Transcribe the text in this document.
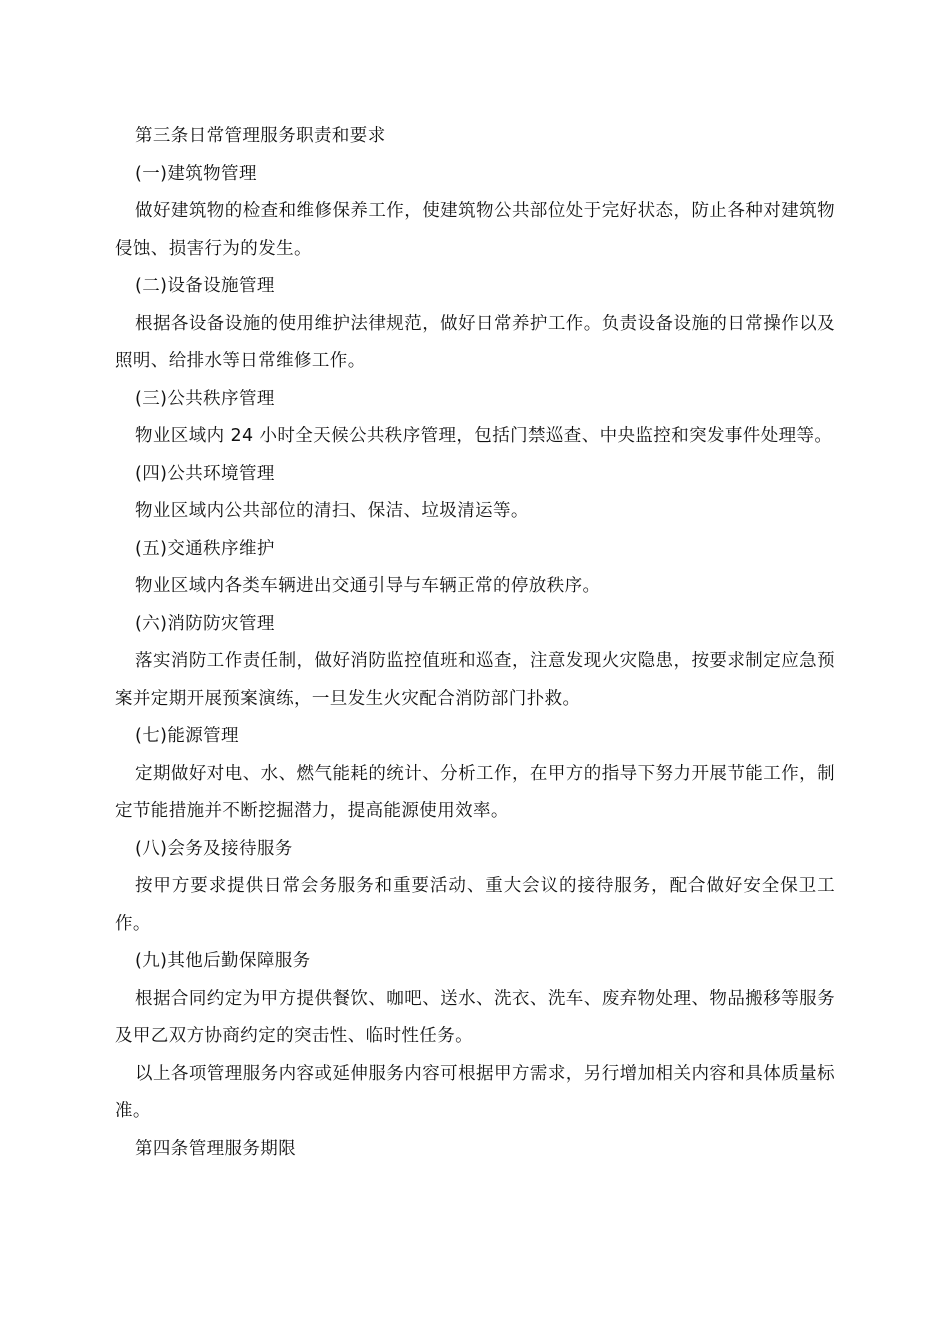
第三条日常管理服务职责和要求

(一)建筑物管理

做好建筑物的检查和维修保养工作，使建筑物公共部位处于完好状态，防止各种对建筑物侵蚀、损害行为的发生。

(二)设备设施管理

根据各设备设施的使用维护法律规范，做好日常养护工作。负责设备设施的日常操作以及照明、给排水等日常维修工作。

(三)公共秩序管理

物业区域内 24 小时全天候公共秩序管理，包括门禁巡查、中央监控和突发事件处理等。

(四)公共环境管理

物业区域内公共部位的清扫、保洁、垃圾清运等。

(五)交通秩序维护

物业区域内各类车辆进出交通引导与车辆正常的停放秩序。

(六)消防防灾管理

落实消防工作责任制，做好消防监控值班和巡查，注意发现火灾隐患，按要求制定应急预案并定期开展预案演练，一旦发生火灾配合消防部门扑救。

(七)能源管理

定期做好对电、水、燃气能耗的统计、分析工作，在甲方的指导下努力开展节能工作，制定节能措施并不断挖掘潜力，提高能源使用效率。

(八)会务及接待服务

按甲方要求提供日常会务服务和重要活动、重大会议的接待服务，配合做好安全保卫工作。

(九)其他后勤保障服务

根据合同约定为甲方提供餐饮、咖吧、送水、洗衣、洗车、废弃物处理、物品搬移等服务及甲乙双方协商约定的突击性、临时性任务。

以上各项管理服务内容或延伸服务内容可根据甲方需求，另行增加相关内容和具体质量标准。

第四条管理服务期限
